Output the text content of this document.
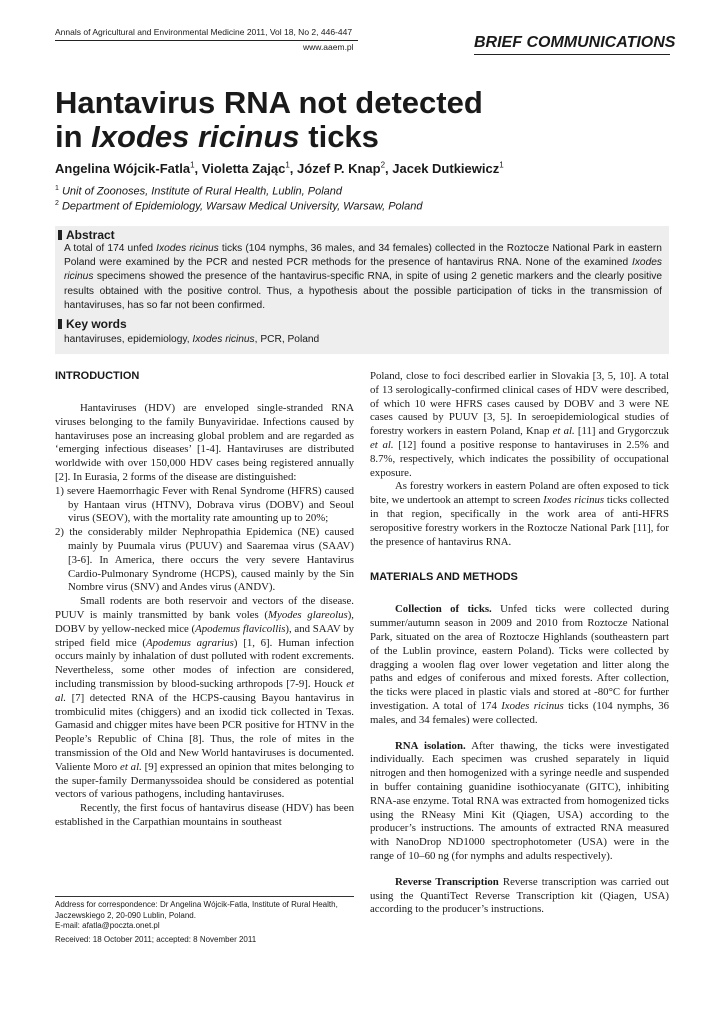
Annals of Agricultural and Environmental Medicine 2011, Vol 18, No 2, 446-447
www.aaem.pl	BRIEF COMMUNICATIONS
Hantavirus RNA not detected
in Ixodes ricinus ticks
Angelina Wójcik-Fatla$^1$, Violetta Zając$^1$, Józef P. Knap$^2$, Jacek Dutkiewicz$^1$
$^1$ Unit of Zoonoses, Institute of Rural Health, Lublin, Poland
$^2$ Department of Epidemiology, Warsaw Medical University, Warsaw, Poland
Abstract
A total of 174 unfed Ixodes ricinus ticks (104 nymphs, 36 males, and 34 females) collected in the Roztocze National Park in eastern Poland were examined by the PCR and nested PCR methods for the presence of hantavirus RNA. None of the examined Ixodes ricinus specimens showed the presence of the hantavirus-specific RNA, in spite of using 2 genetic markers and the clearly positive results obtained with the positive control. Thus, a hypothesis about the possible participation of ticks in the transmission of hantaviruses, has so far not been confirmed.
Key words
hantaviruses, epidemiology, Ixodes ricinus, PCR, Poland
INTRODUCTION

Hantaviruses (HDV) are enveloped single-stranded RNA viruses belonging to the family Bunyaviridae. Infections caused by hantaviruses pose an increasing global problem and are regarded as ‘emerging infectious diseases’ [1-4]. Hantaviruses are distributed worldwide with over 150,000 HDV cases being registered annually [2]. In Eurasia, 2 forms of the disease are distinguished:

1) severe Haemorrhagic Fever with Renal Syndrome (HFRS) caused by Hantaan virus (HTNV), Dobrava virus (DOBV) and Seoul virus (SEOV), with the mortality rate amounting up to 20%;

2) the considerably milder Nephropathia Epidemica (NE) caused mainly by Puumala virus (PUUV) and Saaremaa virus (SAAV) [3-6]. In America, there occurs the very severe Hantavirus Cardio-Pulmonary Syndrome (HCPS), caused mainly by the Sin Nombre virus (SNV) and Andes virus (ANDV).

Small rodents are both reservoir and vectors of the disease. PUUV is mainly transmitted by bank voles (Myodes glareolus), DOBV by yellow-necked mice (Apodemus flavicollis), and SAAV by striped field mice (Apodemus agrarius) [1, 6]. Human infection occurs mainly by inhalation of dust polluted with rodent excrements. Nevertheless, some other modes of infection are considered, including transmission by blood-sucking arthropods [7-9]. Houck et al. [7] detected RNA of the HCPS-causing Bayou hantavirus in trombiculid mites (chiggers) and an ixodid tick collected in Texas. Gamasid and chigger mites have been PCR positive for HTNV in the People’s Republic of China [8]. Thus, the role of mites in the transmission of the Old and New World hantaviruses is documented. Valiente Moro et al. [9] expressed an opinion that mites belonging to the super-family Dermanyssoidea should be considered as potential vectors of various pathogens, including hantaviruses.

Recently, the first focus of hantavirus disease (HDV) has been established in the Carpathian mountains in southeast

Poland, close to foci described earlier in Slovakia [3, 5, 10]. A total of 13 serologically-confirmed clinical cases of HDV were described, of which 10 were HFRS cases caused by DOBV and 3 were NE cases caused by PUUV [3, 5]. In seroepidemiological studies of forestry workers in eastern Poland, Knap et al. [11] and Grygorczuk et al. [12] found a positive response to hantaviruses in 2.5% and 8.7%, respectively, which indicates the possibility of occupational exposure.

As forestry workers in eastern Poland are often exposed to tick bite, we undertook an attempt to screen Ixodes ricinus ticks collected in that region, specifically in the work area of anti-HFRS seropositive forestry workers in the Roztocze National Park [11], for the presence of hantavirus RNA.

MATERIALS AND METHODS

Collection of ticks. Unfed ticks were collected during summer/autumn season in 2009 and 2010 from Roztocze National Park, situated on the area of Roztocze Highlands (southeastern part of the Lublin province, eastern Poland). Ticks were collected by dragging a woolen flag over lower vegetation and litter along the paths and edges of coniferous and mixed forests. After collection, the ticks were placed in plastic vials and stored at -80°C for further investigation. A total of 174 Ixodes ricinus ticks (104 nymphs, 36 males, and 34 females) were collected.

RNA isolation. After thawing, the ticks were investigated individually. Each specimen was crushed separately in liquid nitrogen and then homogenized with a syringe needle and suspended in buffer containing guanidine isothiocyanate (GITC), inhibiting RNA-ase enzyme. Total RNA was extracted from homogenized ticks using the RNeasy Mini Kit (Qiagen, USA) according to the producer’s instructions. The amounts of extracted RNA measured with NanoDrop ND1000 spectrophotometer (USA) were in the range of 10–60 ng (for nymphs and adults respectively).

Reverse Transcription Reverse transcription was carried out using the QuantiTect Reverse Transcription kit (Qiagen, USA) according to the producer’s instructions.

Address for correspondence: Dr Angelina Wójcik-Fatla, Institute of Rural Health,
Jaczewskiego 2, 20-090 Lublin, Poland.
E-mail: afatla@poczta.onet.pl
Received: 18 October 2011; accepted: 8 November 2011
